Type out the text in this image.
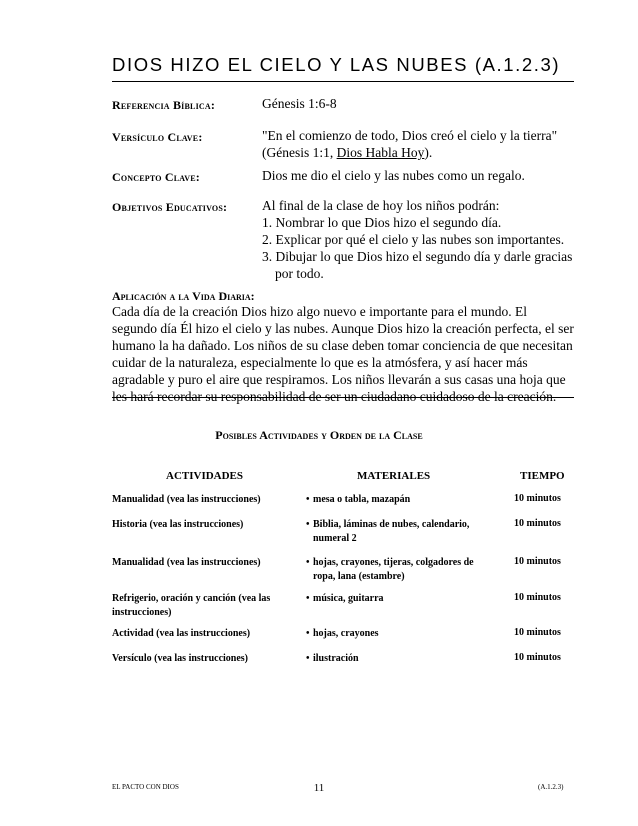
DIOS HIZO EL CIELO Y LAS NUBES (A.1.2.3)
Referencia Bíblica:	Génesis 1:6-8
Versículo Clave:	"En el comienzo de todo, Dios creó el cielo y la tierra"
(Génesis 1:1, Dios Habla Hoy).
Concepto Clave:	Dios me dio el cielo y las nubes como un regalo.
Objetivos Educativos:	Al final de la clase de hoy los niños podrán:
1. Nombrar lo que Dios hizo el segundo día.
2. Explicar por qué el cielo y las nubes son importantes.
3. Dibujar lo que Dios hizo el segundo día y darle gracias
por todo.
Aplicación a la Vida Diaria:
Cada día de la creación Dios hizo algo nuevo e importante para el mundo. El
segundo día Él hizo el cielo y las nubes. Aunque Dios hizo la creación perfecta, el ser
humano la ha dañado. Los niños de su clase deben tomar conciencia de que necesitan
cuidar de la naturaleza, especialmente lo que es la atmósfera, y así hacer más
agradable y puro el aire que respiramos. Los niños llevarán a sus casas una hoja que
les hará recordar su responsabilidad de ser un ciudadano cuidadoso de la creación.
Posibles Actividades y Orden de la Clase
ACTIVIDADES	MATERIALES	TIEMPO
Manualidad (vea las instrucciones)	• mesa o tabla, mazapán	10 minutos
Historia (vea las instrucciones)	• Biblia, láminas de nubes, calendario, numeral 2
10 minutos
Manualidad (vea las instrucciones)	• hojas, crayones, tijeras, colgadores de ropa, lana (estambre)
10 minutos
Refrigerio, oración y canción (vea las instrucciones)
• música, guitarra	10 minutos
Actividad (vea las instrucciones)	• hojas, crayones	10 minutos
Versículo (vea las instrucciones)	• ilustración	10 minutos
EL PACTO CON DIOS	11	(A.1.2.3)
